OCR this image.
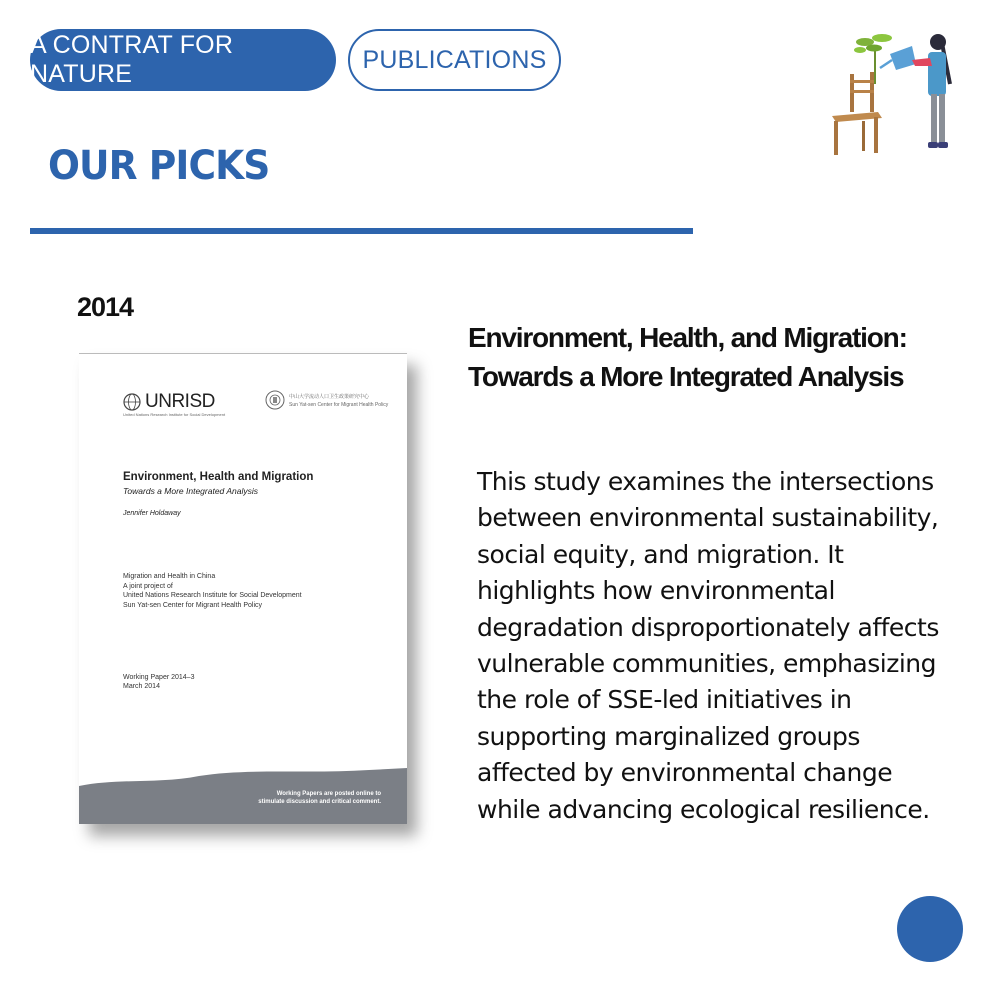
A CONTRAT FOR NATURE
PUBLICATIONS
OUR PICKS
2014
UNRISD
United Nations Research Institute for Social Development
中山大学流动人口卫生政策研究中心
Sun Yat-sen Center for Migrant Health Policy
Environment, Health and Migration
Towards a More Integrated Analysis
Jennifer Holdaway
Migration and Health in China
A joint project of
United Nations Research Institute for Social Development
Sun Yat-sen Center for Migrant Health Policy
Working Paper 2014–3
March 2014
Working Papers are posted online to
stimulate discussion and critical comment.
Environment, Health, and Migration: Towards a More Integrated Analysis

This study examines the intersections between environmental sustainability, social equity, and migration. It highlights how environmental degradation disproportionately affects vulnerable communities, emphasizing the role of SSE-led initiatives in supporting marginalized groups affected by environmental change while advancing ecological resilience.
